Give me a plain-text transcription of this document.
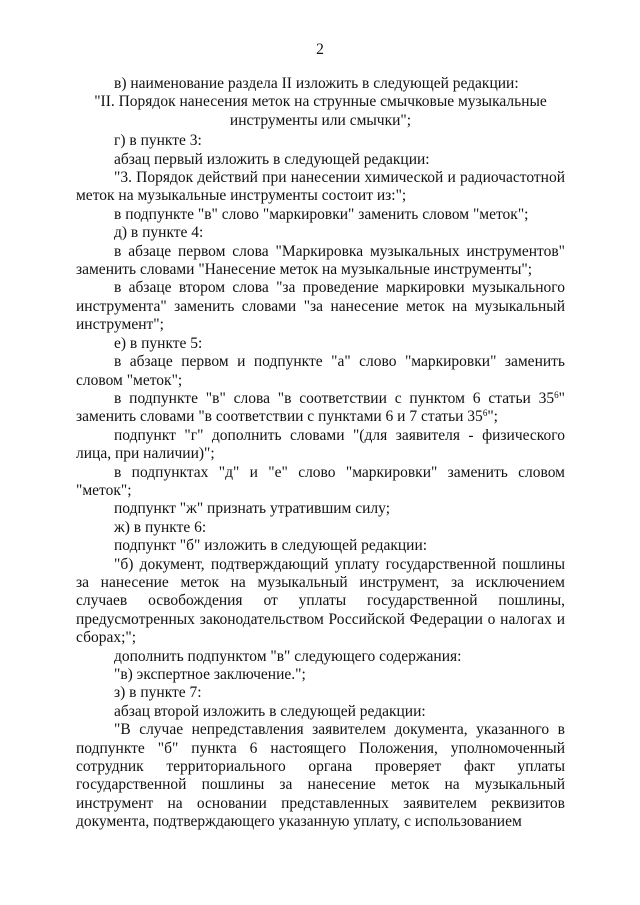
2

в) наименование раздела II изложить в следующей редакции:

"II. Порядок нанесения меток на струнные смычковые музыкальные инструменты или смычки";

г) в пункте 3:

абзац первый изложить в следующей редакции:

"3. Порядок действий при нанесении химической и радиочастотной меток на музыкальные инструменты состоит из:";

в подпункте "в" слово "маркировки" заменить словом "меток";

д) в пункте 4:

в абзаце первом слова "Маркировка музыкальных инструментов" заменить словами "Нанесение меток на музыкальные инструменты";

в абзаце втором слова "за проведение маркировки музыкального инструмента" заменить словами "за нанесение меток на музыкальный инструмент";

е) в пункте 5:

в абзаце первом и подпункте "а" слово "маркировки" заменить словом "меток";

в подпункте "в" слова "в соответствии с пунктом 6 статьи $35^6$" заменить словами "в соответствии с пунктами 6 и 7 статьи $35^6$";

подпункт "г" дополнить словами "(для заявителя - физического лица, при наличии)";

в подпунктах "д" и "е" слово "маркировки" заменить словом "меток";

подпункт "ж" признать утратившим силу;

ж) в пункте 6:

подпункт "б" изложить в следующей редакции:

"б) документ, подтверждающий уплату государственной пошлины за нанесение меток на музыкальный инструмент, за исключением случаев освобождения от уплаты государственной пошлины, предусмотренных законодательством Российской Федерации о налогах и сборах;";

дополнить подпунктом "в" следующего содержания:

"в) экспертное заключение.";

з) в пункте 7:

абзац второй изложить в следующей редакции:

"В случае непредставления заявителем документа, указанного в подпункте "б" пункта 6 настоящего Положения, уполномоченный сотрудник территориального органа проверяет факт уплаты государственной пошлины за нанесение меток на музыкальный инструмент на основании представленных заявителем реквизитов документа, подтверждающего указанную уплату, с использованием
